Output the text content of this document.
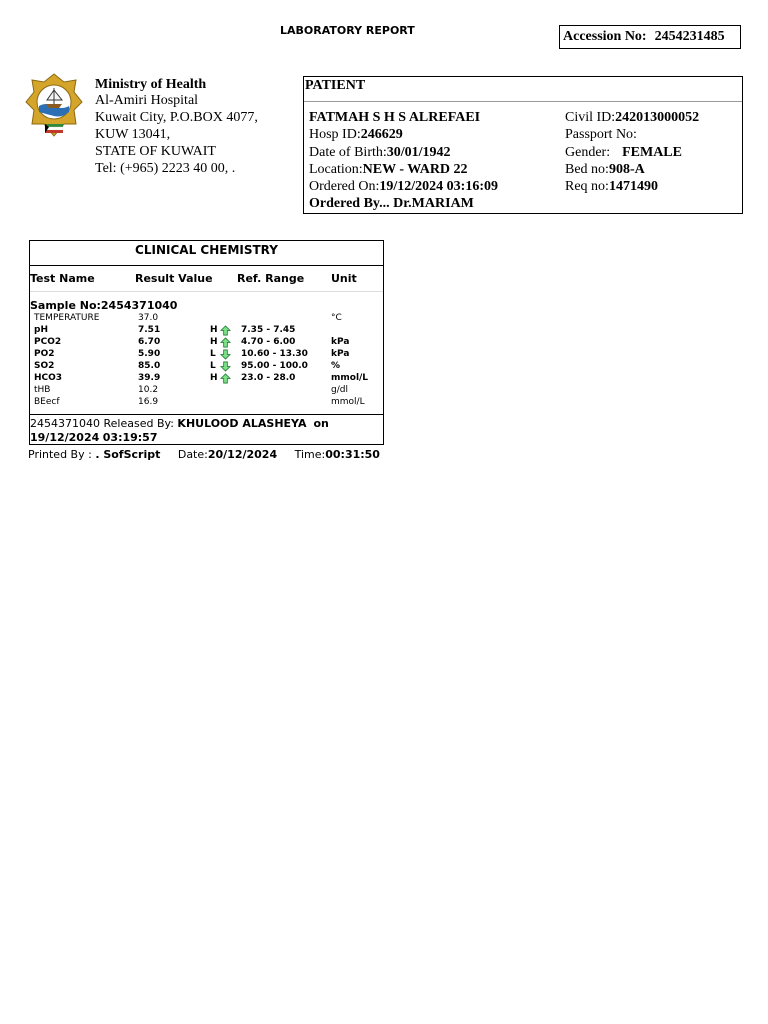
LABORATORY REPORT	Accession No: 2454231485
Ministry of Health
Al-Amiri Hospital
Kuwait City, P.O.BOX 4077,
KUW 13041,
STATE OF KUWAIT
Tel: (+965) 2223 40 00, .
PATIENT
FATMAH S H S ALREFAEI
Hosp ID:246629
Date of Birth:30/01/1942
Location:NEW - WARD 22
Ordered On:19/12/2024 03:16:09
Ordered By... Dr.MARIAM
Civil ID:242013000052
Passport No:
Gender: FEMALE
Bed no:908-A
Req no:1471490
CLINICAL CHEMISTRY
Test Name	Result Value Ref. Range Unit
Sample No:2454371040
TEMPERATURE	37.0	°C
pH	7.51	H	7.35 - 7.45
PCO2	6.70	H	4.70 - 6.00	kPa
PO2	5.90	L	10.60 - 13.30	kPa
SO2	85.0	L	95.00 - 100.0	%
HCO3	39.9	H	23.0 - 28.0	mmol/L
tHB	10.2	g/dl
BEecf	16.9	mmol/L
2454371040 Released By: KHULOOD ALASHEYA on 19/12/2024 03:19:57
Printed By : . SofScript Date:20/12/2024 Time:00:31:50
